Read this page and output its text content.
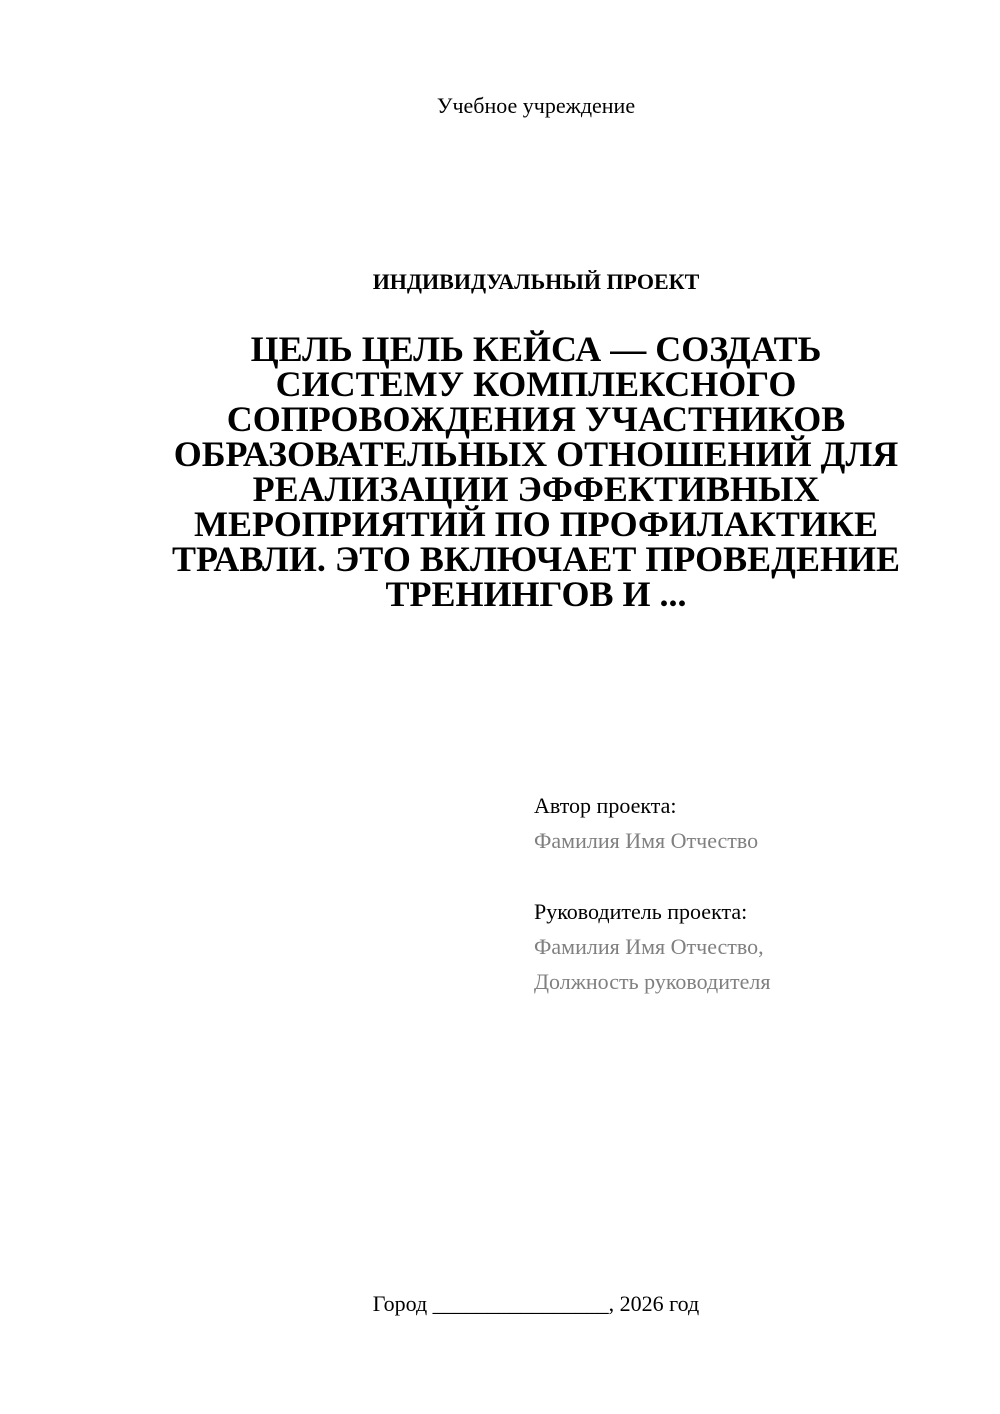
Учебное учреждение
ИНДИВИДУАЛЬНЫЙ ПРОЕКТ
ЦЕЛЬ ЦЕЛЬ КЕЙСА — СОЗДАТЬ СИСТЕМУ КОМПЛЕКСНОГО СОПРОВОЖДЕНИЯ УЧАСТНИКОВ ОБРАЗОВАТЕЛЬНЫХ ОТНОШЕНИЙ ДЛЯ РЕАЛИЗАЦИИ ЭФФЕКТИВНЫХ МЕРОПРИЯТИЙ ПО ПРОФИЛАКТИКЕ ТРАВЛИ. ЭТО ВКЛЮЧАЕТ ПРОВЕДЕНИЕ ТРЕНИНГОВ И ...
Автор проекта:
Фамилия Имя Отчество
Руководитель проекта:
Фамилия Имя Отчество,
Должность руководителя
Город ________________, 2026 год
